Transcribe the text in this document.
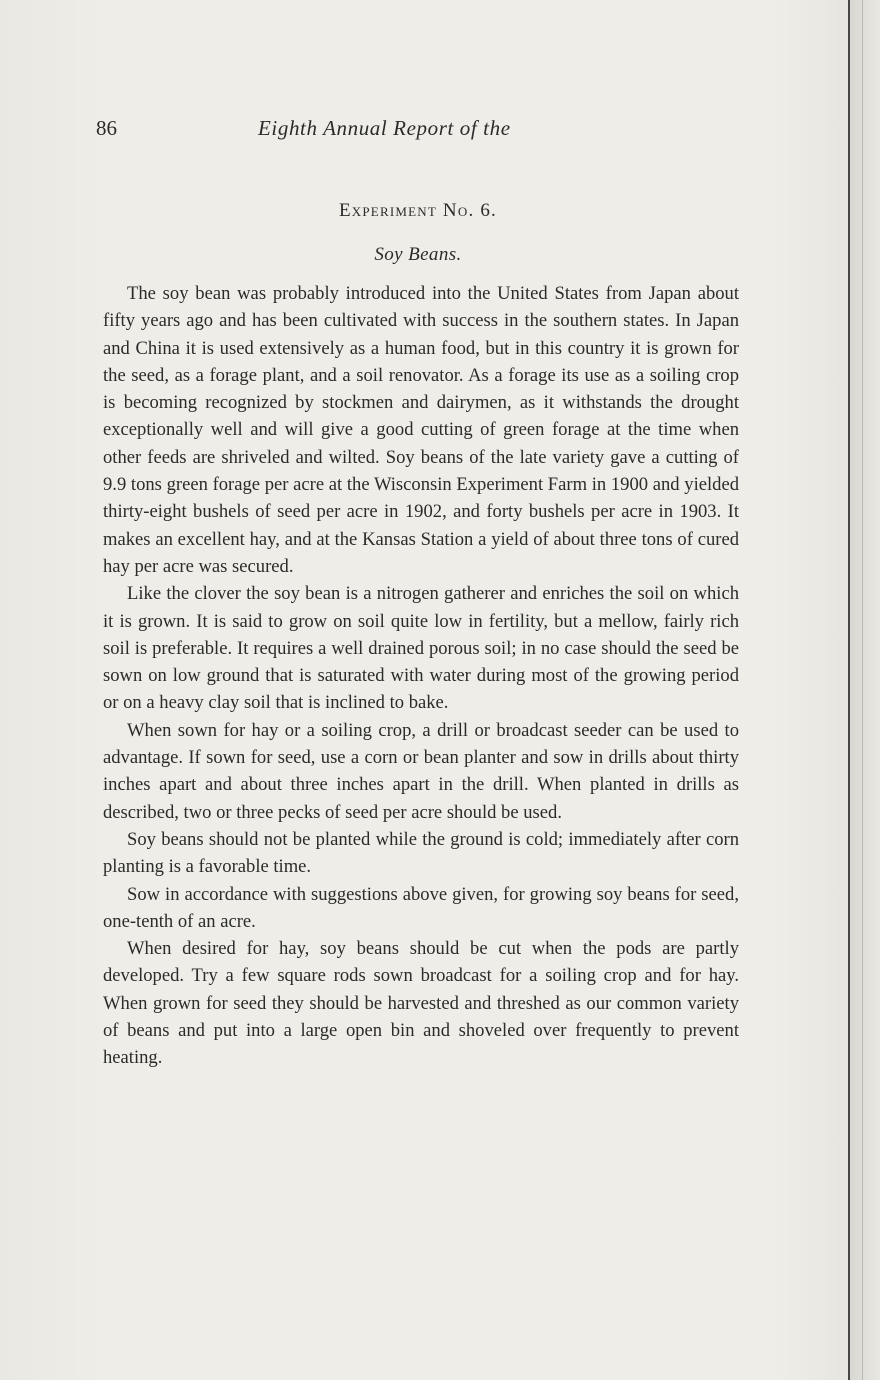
86	Eighth Annual Report of the
Experiment No. 6.
Soy Beans.

The soy bean was probably introduced into the United States from Japan about fifty years ago and has been cultivated with success in the southern states. In Japan and China it is used extensively as a human food, but in this country it is grown for the seed, as a forage plant, and a soil renovator. As a forage its use as a soiling crop is becoming recognized by stockmen and dairymen, as it withstands the drought exceptionally well and will give a good cutting of green forage at the time when other feeds are shriveled and wilted. Soy beans of the late variety gave a cutting of 9.9 tons green forage per acre at the Wisconsin Experiment Farm in 1900 and yielded thirty-eight bushels of seed per acre in 1902, and forty bushels per acre in 1903. It makes an excellent hay, and at the Kansas Station a yield of about three tons of cured hay per acre was secured.

Like the clover the soy bean is a nitrogen gatherer and enriches the soil on which it is grown. It is said to grow on soil quite low in fertility, but a mellow, fairly rich soil is preferable. It requires a well drained porous soil; in no case should the seed be sown on low ground that is saturated with water during most of the growing period or on a heavy clay soil that is inclined to bake.

When sown for hay or a soiling crop, a drill or broadcast seeder can be used to advantage. If sown for seed, use a corn or bean planter and sow in drills about thirty inches apart and about three inches apart in the drill. When planted in drills as described, two or three pecks of seed per acre should be used.

Soy beans should not be planted while the ground is cold; immediately after corn planting is a favorable time.

Sow in accordance with suggestions above given, for growing soy beans for seed, one-tenth of an acre.

When desired for hay, soy beans should be cut when the pods are partly developed. Try a few square rods sown broadcast for a soiling crop and for hay. When grown for seed they should be harvested and threshed as our common variety of beans and put into a large open bin and shoveled over frequently to prevent heating.
